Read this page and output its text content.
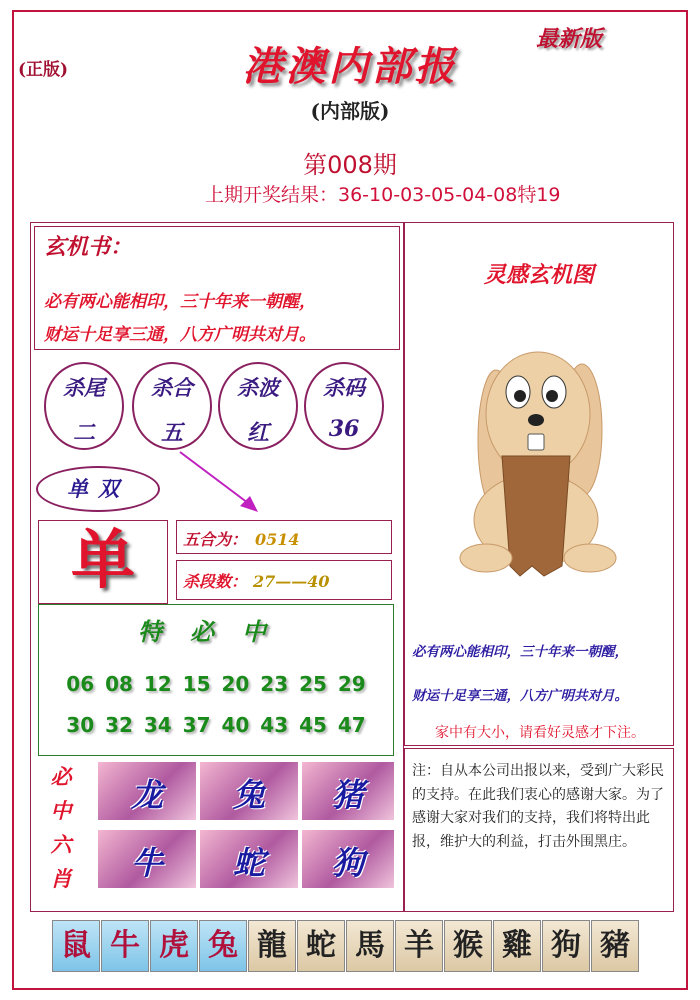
(正版)
最新版
港澳内部报
(内部版)
第008期
上期开奖结果：36-10-03-05-04-08特19
玄机书：
必有两心能相印，三十年来一朝醒，
财运十足享三通，八方广明共对月。
杀尾
二
杀合
五
杀波
红
杀码
36
单双
单	五合为： 0514
杀段数： 27——40
特必中
06 08 12 15 20 23 25 29
30 32 34 37 40 43 45 47
必中六肖
龙	兔	猪
牛	蛇	狗
灵感玄机图
必有两心能相印，三十年来一朝醒，
财运十足享三通，八方广明共对月。
家中有大小，请看好灵感才下注。
注：自从本公司出报以来，受到广大彩民的支持。在此我们衷心的感谢大家。为了感谢大家对我们的支持，我们将特出此报，维护大的利益，打击外围黑庄。
鼠 牛 虎 兔 龍 蛇 馬 羊 猴 雞 狗 豬
